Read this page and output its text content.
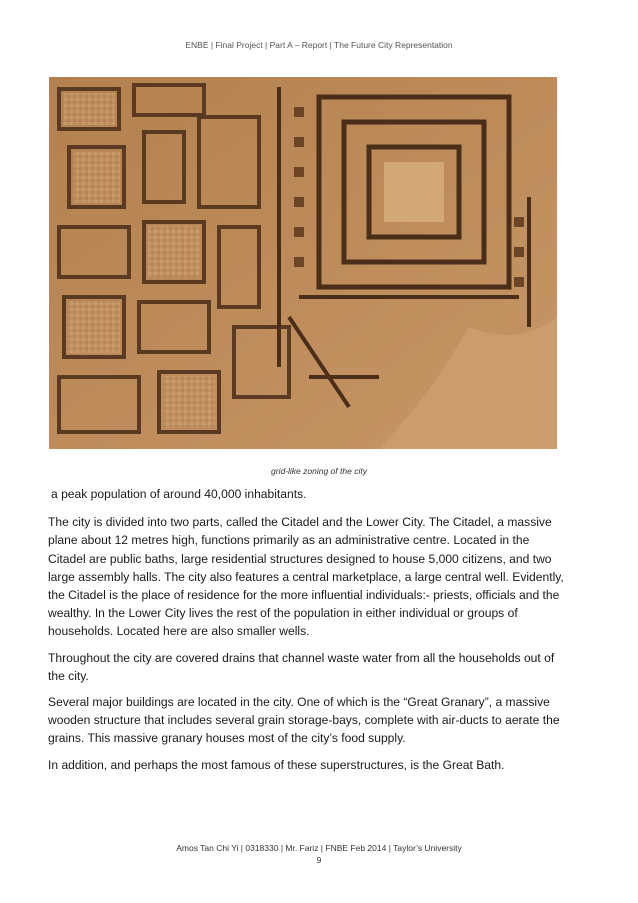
ENBE | Final Project | Part A – Report | The Future City Representation
grid-like zoning of the city

a peak population of around 40,000 inhabitants.

The city is divided into two parts, called the Citadel and the Lower City. The Citadel, a massive plane about 12 metres high, functions primarily as an administrative centre. Located in the Citadel are public baths, large residential structures designed to house 5,000 citizens, and two large assembly halls. The city also features a central marketplace, a large central well. Evidently, the Citadel is the place of residence for the more influential individuals:- priests, officials and the wealthy. In the Lower City lives the rest of the population in either individual or groups of households. Located here are also smaller wells.

Throughout the city are covered drains that channel waste water from all the households out of the city.

Several major buildings are located in the city. One of which is the “Great Granary”, a massive wooden structure that includes several grain storage-bays, complete with air-ducts to aerate the grains. This massive granary houses most of the city’s food supply.

In addition, and perhaps the most famous of these superstructures, is the Great Bath.

Amos Tan Chi Yi | 0318330 | Mr. Fariz | FNBE Feb 2014 | Taylor’s University
9
